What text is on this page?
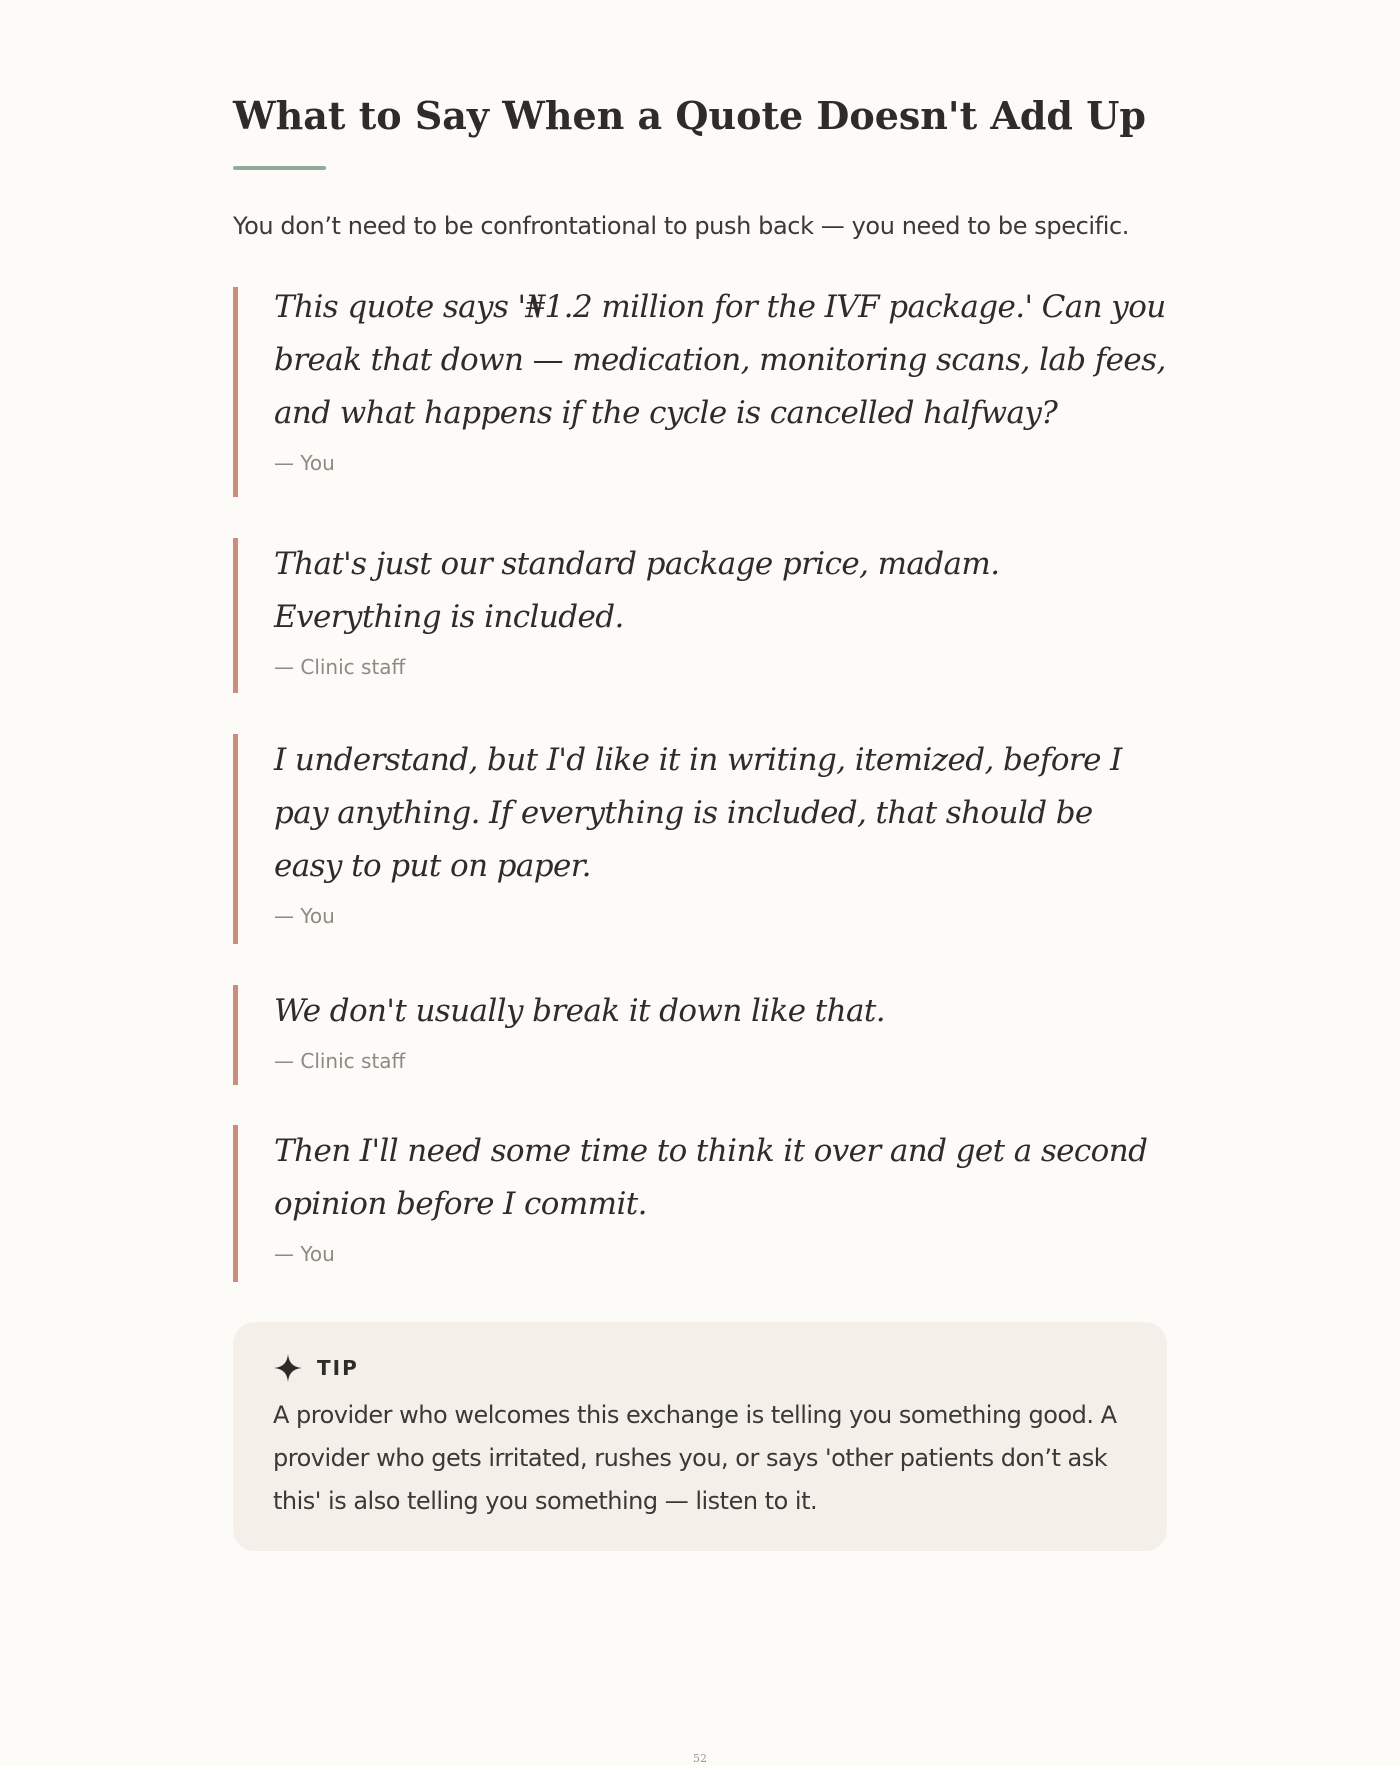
What to Say When a Quote Doesn't Add Up

You don’t need to be confrontational to push back — you need to be specific.

This quote says '₦1.2 million for the IVF package.' Can you break that down — medication, monitoring scans, lab fees, and what happens if the cycle is cancelled halfway?

— You

That's just our standard package price, madam. Everything is included.

— Clinic staff

I understand, but I'd like it in writing, itemized, before I pay anything. If everything is included, that should be easy to put on paper.

— You

We don't usually break it down like that.

— Clinic staff

Then I'll need some time to think it over and get a second opinion before I commit.

— You
TIP

A provider who welcomes this exchange is telling you something good. A provider who gets irritated, rushes you, or says 'other patients don’t ask this' is also telling you something — listen to it.

52
